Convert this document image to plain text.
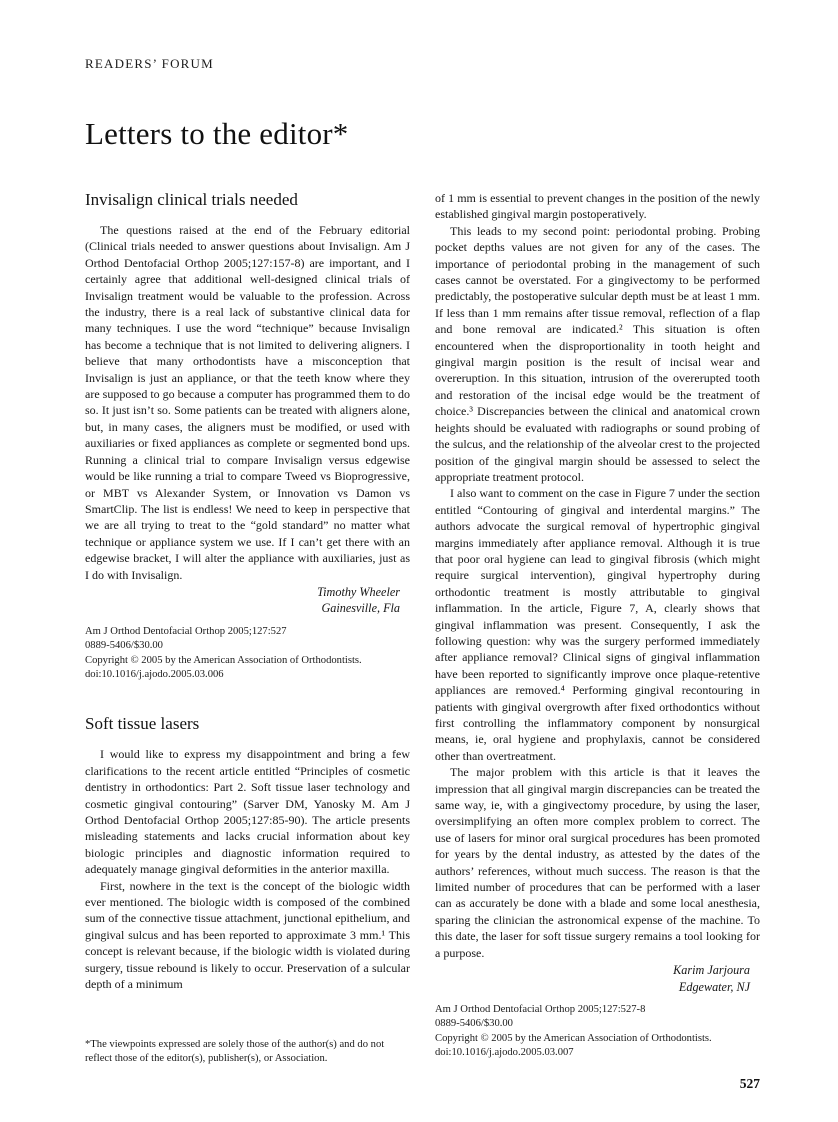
READERS’ FORUM
Letters to the editor*
Invisalign clinical trials needed

The questions raised at the end of the February editorial (Clinical trials needed to answer questions about Invisalign. Am J Orthod Dentofacial Orthop 2005;127:157-8) are important, and I certainly agree that additional well-designed clinical trials of Invisalign treatment would be valuable to the profession. Across the industry, there is a real lack of substantive clinical data for many techniques. I use the word “technique” because Invisalign has become a technique that is not limited to delivering aligners. I believe that many orthodontists have a misconception that Invisalign is just an appliance, or that the teeth know where they are supposed to go because a computer has programmed them to do so. It just isn’t so. Some patients can be treated with aligners alone, but, in many cases, the aligners must be modified, or used with auxiliaries or fixed appliances as complete or segmented bond ups. Running a clinical trial to compare Invisalign versus edgewise would be like running a trial to compare Tweed vs Bioprogressive, or MBT vs Alexander System, or Innovation vs Damon vs SmartClip. The list is endless! We need to keep in perspective that we are all trying to treat to the “gold standard” no matter what technique or appliance system we use. If I can’t get there with an edgewise bracket, I will alter the appliance with auxiliaries, just as I do with Invisalign.

Timothy Wheeler
Gainesville, Fla
Am J Orthod Dentofacial Orthop 2005;127:527
0889-5406/$30.00
Copyright © 2005 by the American Association of Orthodontists.
doi:10.1016/j.ajodo.2005.03.006
Soft tissue lasers

I would like to express my disappointment and bring a few clarifications to the recent article entitled “Principles of cosmetic dentistry in orthodontics: Part 2. Soft tissue laser technology and cosmetic gingival contouring” (Sarver DM, Yanosky M. Am J Orthod Dentofacial Orthop 2005;127:85-90). The article presents misleading statements and lacks crucial information about key biologic principles and diagnostic information required to adequately manage gingival deformities in the anterior maxilla.

First, nowhere in the text is the concept of the biologic width ever mentioned. The biologic width is composed of the combined sum of the connective tissue attachment, junctional epithelium, and gingival sulcus and has been reported to approximate 3 mm.¹ This concept is relevant because, if the biologic width is violated during surgery, tissue rebound is likely to occur. Preservation of a sulcular depth of a minimum

*The viewpoints expressed are solely those of the author(s) and do not reflect those of the editor(s), publisher(s), or Association.

of 1 mm is essential to prevent changes in the position of the newly established gingival margin postoperatively.

This leads to my second point: periodontal probing. Probing pocket depths values are not given for any of the cases. The importance of periodontal probing in the management of such cases cannot be overstated. For a gingivectomy to be performed predictably, the postoperative sulcular depth must be at least 1 mm. If less than 1 mm remains after tissue removal, reflection of a flap and bone removal are indicated.² This situation is often encountered when the disproportionality in tooth height and gingival margin position is the result of incisal wear and overeruption. In this situation, intrusion of the overerupted tooth and restoration of the incisal edge would be the treatment of choice.³ Discrepancies between the clinical and anatomical crown heights should be evaluated with radiographs or sound probing of the sulcus, and the relationship of the alveolar crest to the projected position of the gingival margin should be assessed to select the appropriate treatment protocol.

I also want to comment on the case in Figure 7 under the section entitled “Contouring of gingival and interdental margins.” The authors advocate the surgical removal of hypertrophic gingival margins immediately after appliance removal. Although it is true that poor oral hygiene can lead to gingival fibrosis (which might require surgical intervention), gingival hypertrophy during orthodontic treatment is mostly attributable to gingival inflammation. In the article, Figure 7, A, clearly shows that gingival inflammation was present. Consequently, I ask the following question: why was the surgery performed immediately after appliance removal? Clinical signs of gingival inflammation have been reported to significantly improve once plaque-retentive appliances are removed.⁴ Performing gingival recontouring in patients with gingival overgrowth after fixed orthodontics without first controlling the inflammatory component by nonsurgical means, ie, oral hygiene and prophylaxis, cannot be considered other than overtreatment.

The major problem with this article is that it leaves the impression that all gingival margin discrepancies can be treated the same way, ie, with a gingivectomy procedure, by using the laser, oversimplifying an often more complex problem to correct. The use of lasers for minor oral surgical procedures has been promoted for years by the dental industry, as attested by the dates of the authors’ references, without much success. The reason is that the limited number of procedures that can be performed with a laser can as accurately be done with a blade and some local anesthesia, sparing the clinician the astronomical expense of the machine. To this date, the laser for soft tissue surgery remains a tool looking for a purpose.

Karim Jarjoura
Edgewater, NJ
Am J Orthod Dentofacial Orthop 2005;127:527-8
0889-5406/$30.00
Copyright © 2005 by the American Association of Orthodontists.
doi:10.1016/j.ajodo.2005.03.007
527
